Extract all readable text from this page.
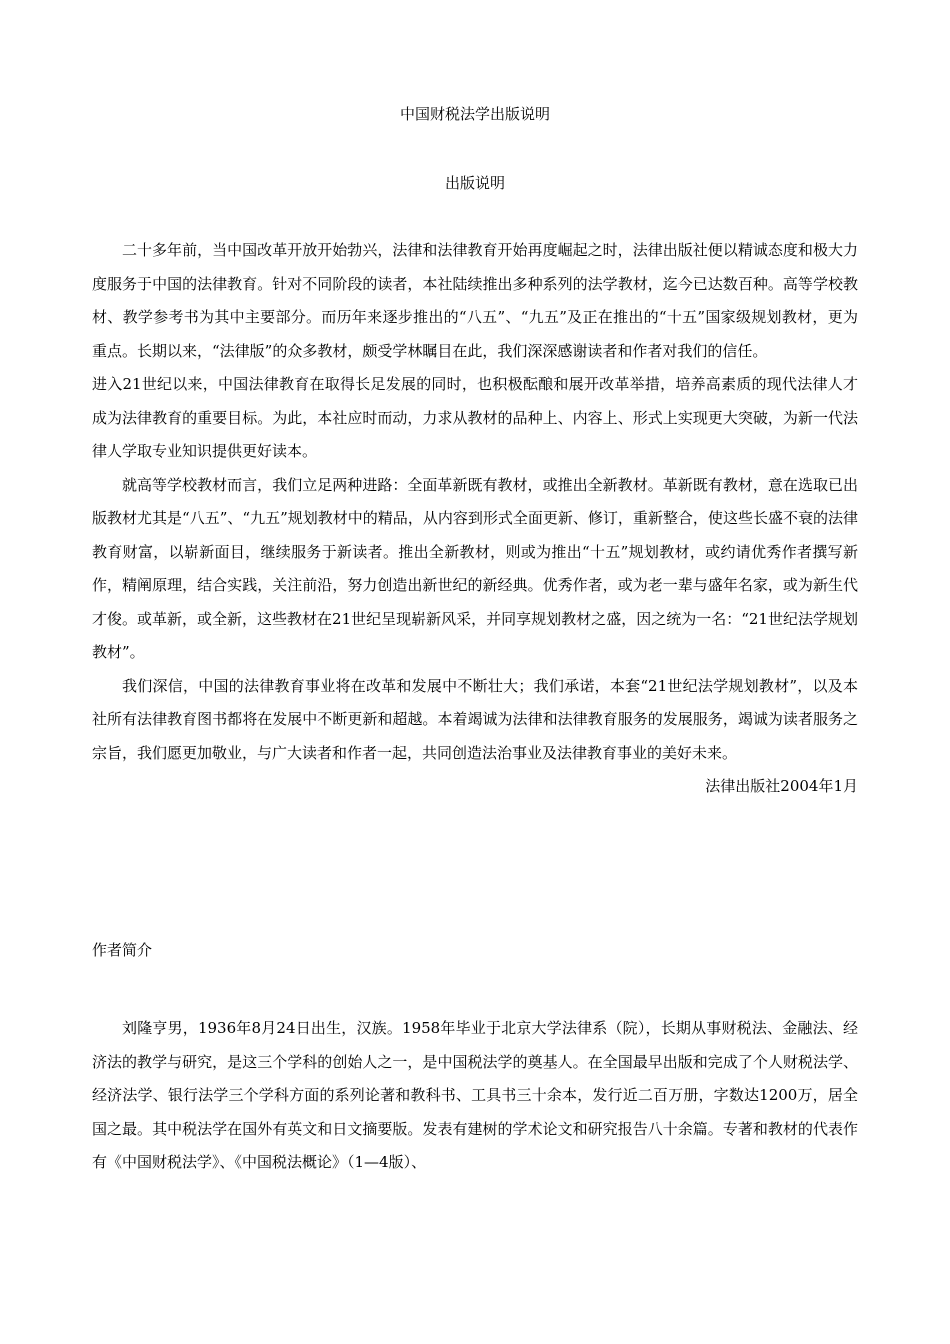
中国财税法学出版说明
出版说明

二十多年前，当中国改革开放开始勃兴，法律和法律教育开始再度崛起之时，法律出版社便以精诚态度和极大力度服务于中国的法律教育。针对不同阶段的读者，本社陆续推出多种系列的法学教材，迄今已达数百种。高等学校教材、教学参考书为其中主要部分。而历年来逐步推出的“八五”、“九五”及正在推出的“十五”国家级规划教材，更为重点。长期以来，“法律版”的众多教材，颇受学林瞩目在此，我们深深感谢读者和作者对我们的信任。

进入21世纪以来，中国法律教育在取得长足发展的同时，也积极酝酿和展开改革举措，培养高素质的现代法律人才成为法律教育的重要目标。为此，本社应时而动，力求从教材的品种上、内容上、形式上实现更大突破，为新一代法律人学取专业知识提供更好读本。

就高等学校教材而言，我们立足两种进路：全面革新既有教材，或推出全新教材。革新既有教材，意在选取已出版教材尤其是“八五”、“九五”规划教材中的精品，从内容到形式全面更新、修订，重新整合，使这些长盛不衰的法律教育财富，以崭新面目，继续服务于新读者。推出全新教材，则或为推出“十五”规划教材，或约请优秀作者撰写新作，精阐原理，结合实践，关注前沿，努力创造出新世纪的新经典。优秀作者，或为老一辈与盛年名家，或为新生代才俊。或革新，或全新，这些教材在21世纪呈现崭新风采，并同享规划教材之盛，因之统为一名：“21世纪法学规划教材”。

我们深信，中国的法律教育事业将在改革和发展中不断壮大；我们承诺，本套“21世纪法学规划教材”，以及本社所有法律教育图书都将在发展中不断更新和超越。本着竭诚为法律和法律教育服务的发展服务，竭诚为读者服务之宗旨，我们愿更加敬业，与广大读者和作者一起，共同创造法治事业及法律教育事业的美好未来。

法律出版社2004年1月

作者简介

刘隆亨男，1936年8月24日出生，汉族。1958年毕业于北京大学法律系（院），长期从事财税法、金融法、经济法的教学与研究，是这三个学科的创始人之一，是中国税法学的奠基人。在全国最早出版和完成了个人财税法学、经济法学、银行法学三个学科方面的系列论著和教科书、工具书三十余本，发行近二百万册，字数达1200万，居全国之最。其中税法学在国外有英文和日文摘要版。发表有建树的学术论文和研究报告八十余篇。专著和教材的代表作有《中国财税法学》、《中国税法概论》（1—4版）、
